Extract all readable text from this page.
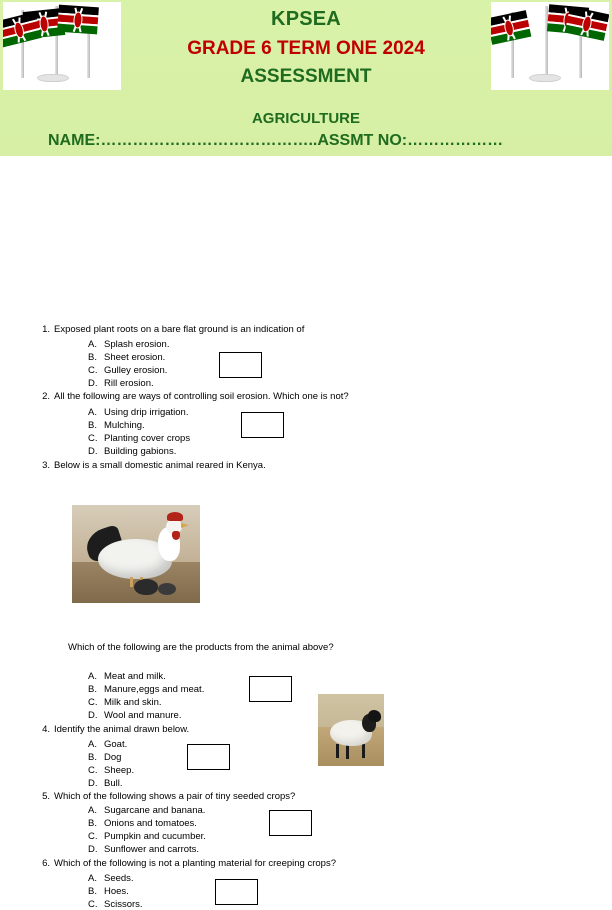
KPSEA
GRADE 6 TERM ONE 2024
ASSESSMENT
AGRICULTURE
NAME:…………………………………..ASSMT NO:………………
1. Exposed plant roots on a bare flat ground is an indication of
A. Splash erosion.
B. Sheet erosion.
C. Gulley erosion.
D. Rill erosion.
2. All the following are ways of controlling soil erosion. Which one is not?
A. Using drip irrigation.
B. Mulching.
C. Planting cover crops
D. Building gabions.
3. Below is a small domestic animal reared in Kenya.
Which of the following are the products from the animal above?
A. Meat and milk.
B. Manure,eggs and meat.
C. Milk and skin.
D. Wool and manure.
4. Identify the animal drawn below.
A. Goat.
B. Dog
C. Sheep.
D. Bull.
5. Which of the following shows a pair of tiny seeded crops?
A. Sugarcane and banana.
B. Onions and tomatoes.
C. Pumpkin and cucumber.
D. Sunflower and carrots.
6. Which of the following is not a planting material for creeping crops?
A. Seeds.
B. Hoes.
C. Scissors.
